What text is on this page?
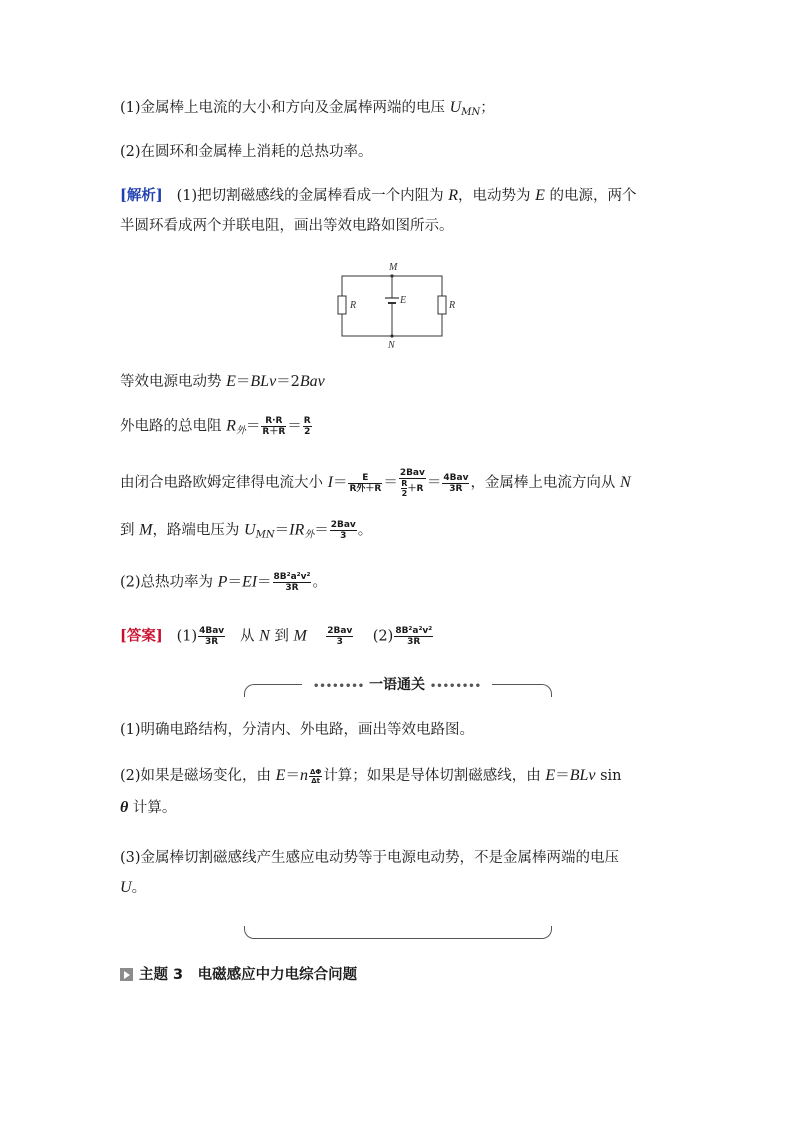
(1)金属棒上电流的大小和方向及金属棒两端的电压 $U_{MN}$；
(2)在圆环和金属棒上消耗的总热功率。
[解析] (1)把切割磁感线的金属棒看成一个内阻为 R，电动势为 E 的电源，两个
半圆环看成两个并联电阻，画出等效电路如图所示。
M
N
E
R	R
等效电源电动势 E＝BLv＝2Bav
外电路的总电阻 $R_外= \frac{R\cdot R}{R+R} = \frac{R}{2}$
由闭合电路欧姆定律得电流大小 $I= \frac{E}{\text{R外＋R}} = \frac{\text{2Bav}}{\frac{R}{2} +R} = \frac{\text{4Bav}}{3R}$ ，金属棒上电流方向从 N
到 M，路端电压为 $U_{MN}=IR_外= \frac{\text{2Bav}}{3}$ 。
(2)总热功率为 $P=EI= \frac{\text{8B²a²v²}}{3R}$ 。
[答案] $(1) \frac{\text{4Bav}}{3R}$ 从 N 到 M $\frac{\text{2Bav}}{3} (2) \frac{\text{8B²a²v²}}{3R}$
•••••••• 一语通关 ••••••••
(1)明确电路结构，分清内、外电路，画出等效电路图。
(2)如果是磁场变化，由 $E=n \frac{\Delta\Phi}{\Delta t}$ 计算；如果是导体切割磁感线，由 E＝BLv sin
θ 计算。
(3)金属棒切割磁感线产生感应电动势等于电源电动势，不是金属棒两端的电压
U。
主题 3　电磁感应中力电综合问题
